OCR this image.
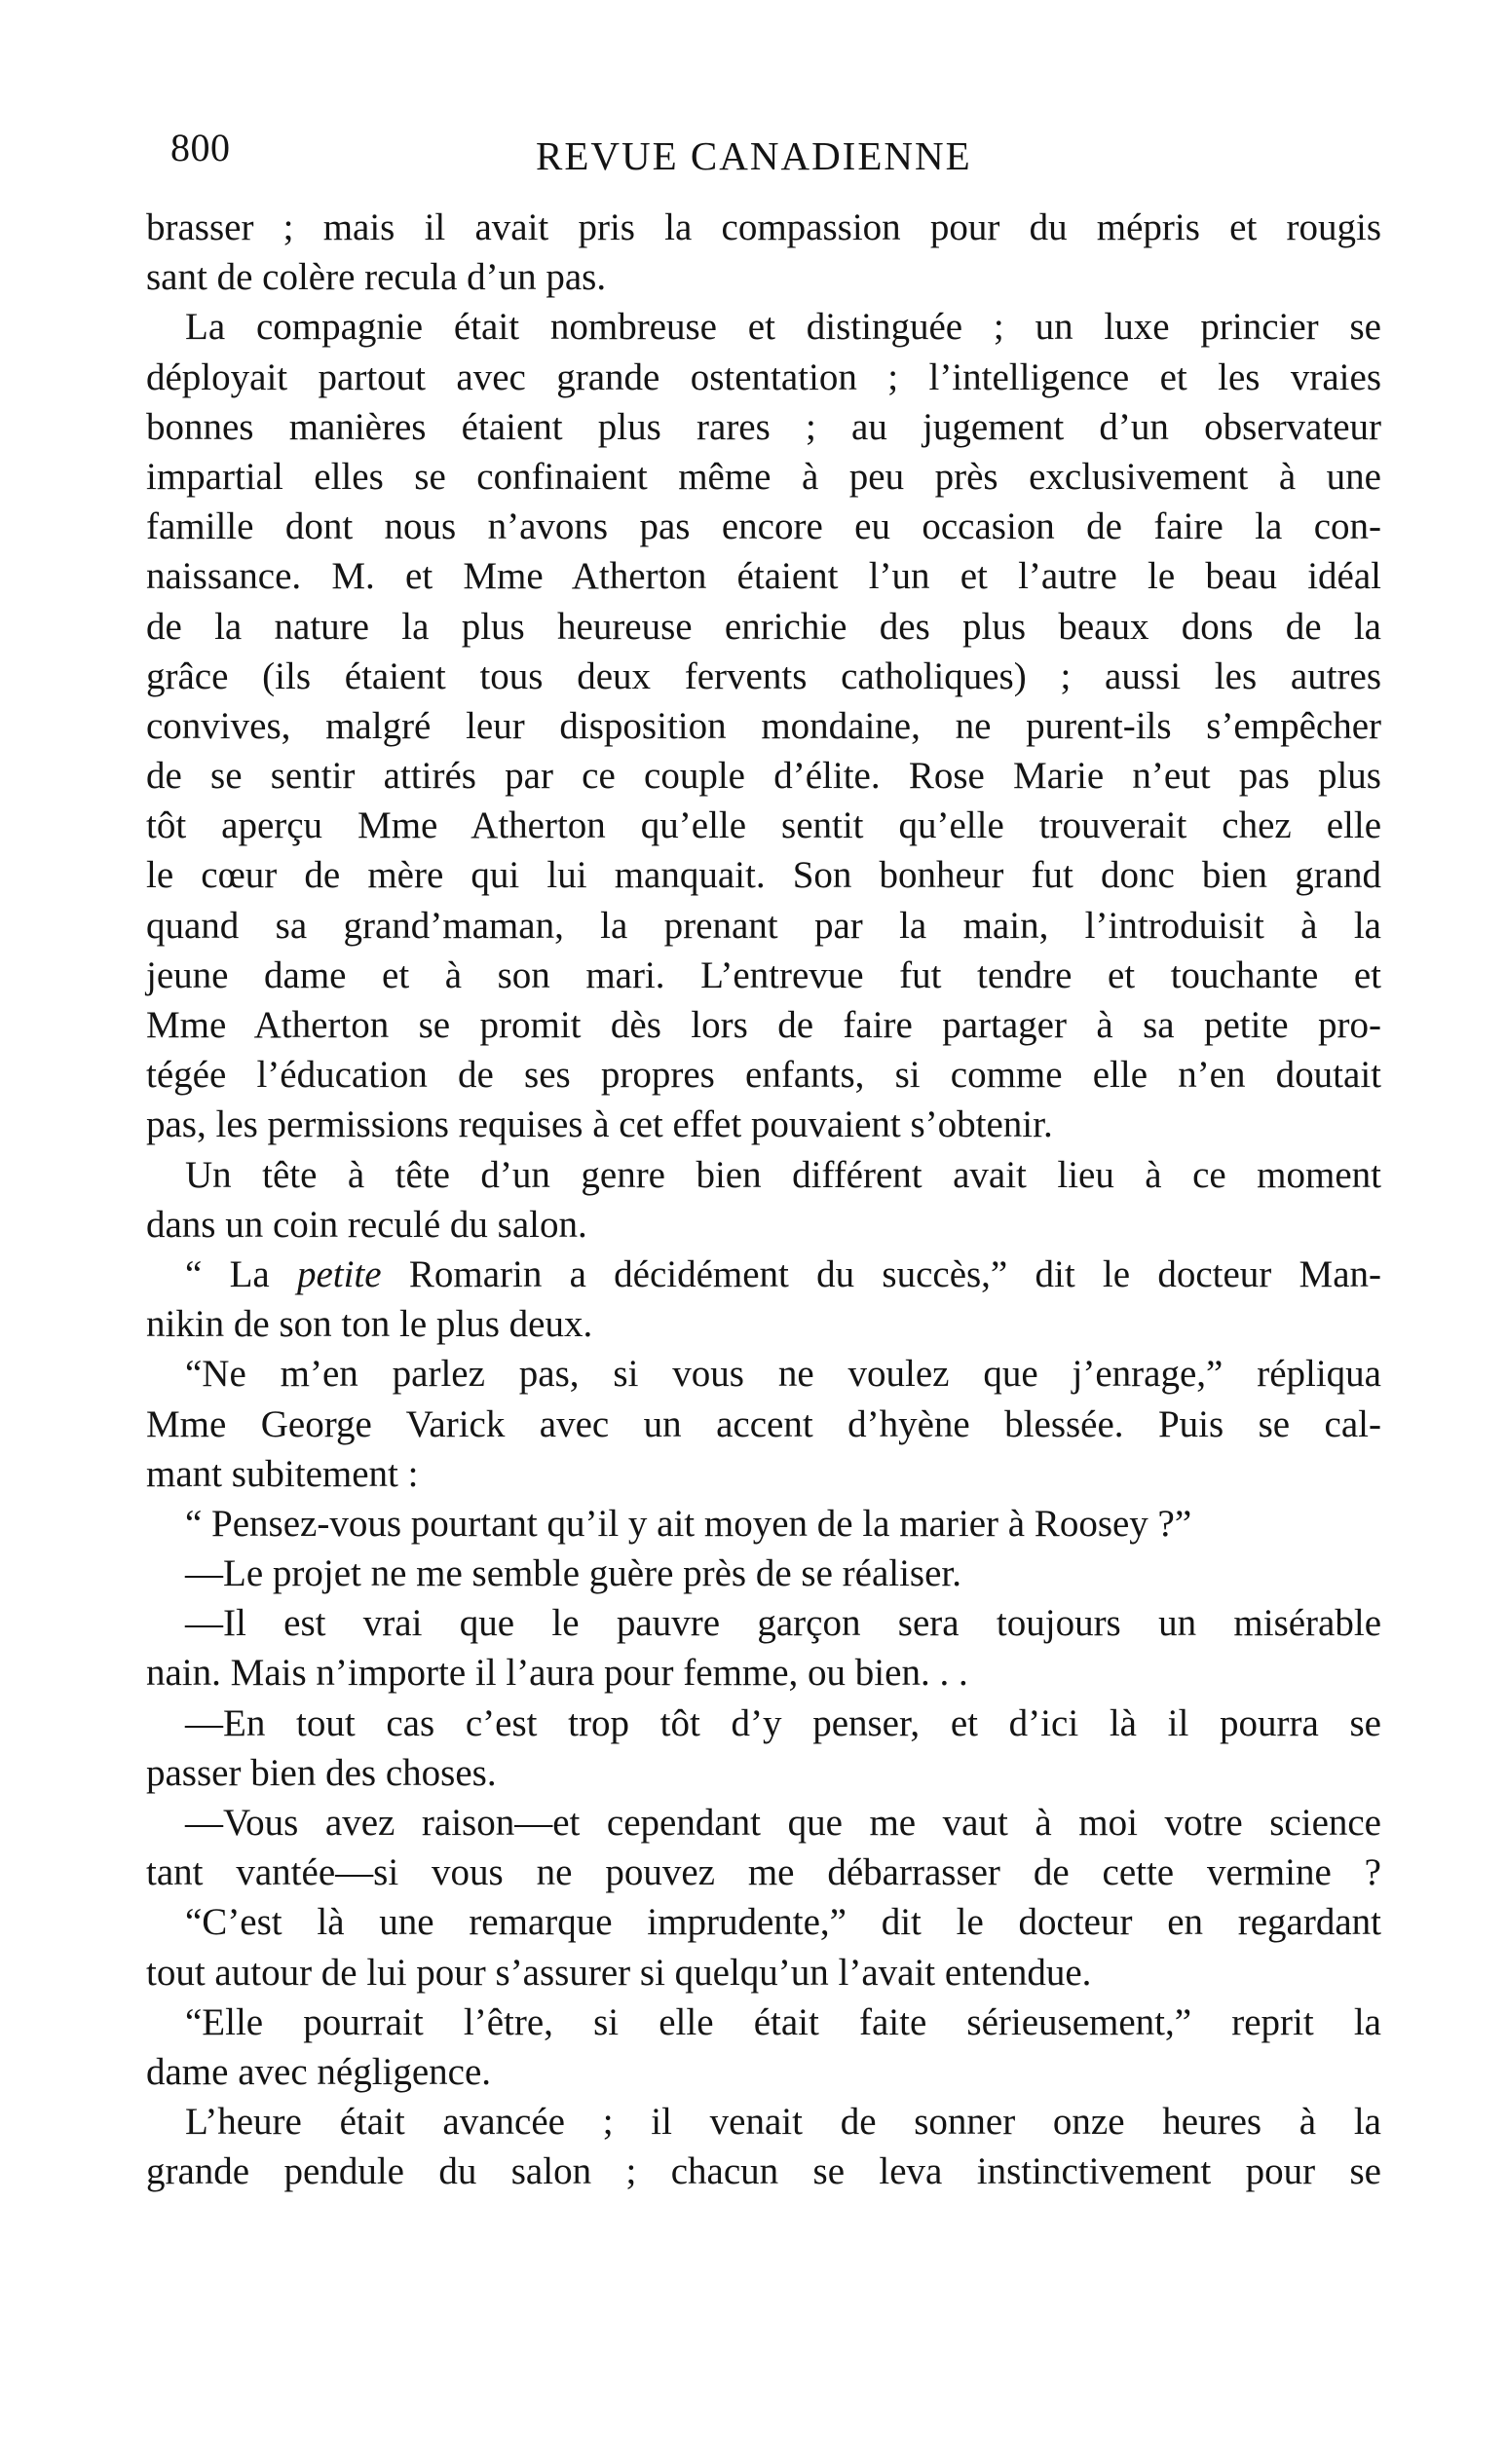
800	REVUE CANADIENNE
brasser ; mais il avait pris la compassion pour du mépris et rougis
sant de colère recula d’un pas.
La compagnie était nombreuse et distinguée ; un luxe princier se
déployait partout avec grande ostentation ; l’intelligence et les vraies
bonnes manières étaient plus rares ; au jugement d’un observateur
impartial elles se confinaient même à peu près exclusivement à une
famille dont nous n’avons pas encore eu occasion de faire la con-
naissance. M. et Mme Atherton étaient l’un et l’autre le beau idéal
de la nature la plus heureuse enrichie des plus beaux dons de la
grâce (ils étaient tous deux fervents catholiques) ; aussi les autres
convives, malgré leur disposition mondaine, ne purent-ils s’empêcher
de se sentir attirés par ce couple d’élite. Rose Marie n’eut pas plus
tôt aperçu Mme Atherton qu’elle sentit qu’elle trouverait chez elle
le cœur de mère qui lui manquait. Son bonheur fut donc bien grand
quand sa grand’maman, la prenant par la main, l’introduisit à la
jeune dame et à son mari. L’entrevue fut tendre et touchante et
Mme Atherton se promit dès lors de faire partager à sa petite pro-
tégée l’éducation de ses propres enfants, si comme elle n’en doutait
pas, les permissions requises à cet effet pouvaient s’obtenir.
Un tête à tête d’un genre bien différent avait lieu à ce moment
dans un coin reculé du salon.
“ La petite Romarin a décidément du succès,” dit le docteur Man-
nikin de son ton le plus deux.
“Ne m’en parlez pas, si vous ne voulez que j’enrage,” répliqua
Mme George Varick avec un accent d’hyène blessée. Puis se cal-
mant subitement :
“ Pensez-vous pourtant qu’il y ait moyen de la marier à Roosey ?”
—Le projet ne me semble guère près de se réaliser.
—Il est vrai que le pauvre garçon sera toujours un misérable
nain. Mais n’importe il l’aura pour femme, ou bien. . .
—En tout cas c’est trop tôt d’y penser, et d’ici là il pourra se
passer bien des choses.
—Vous avez raison—et cependant que me vaut à moi votre science
tant vantée—si vous ne pouvez me débarrasser de cette vermine ?
“C’est là une remarque imprudente,” dit le docteur en regardant
tout autour de lui pour s’assurer si quelqu’un l’avait entendue.
“Elle pourrait l’être, si elle était faite sérieusement,” reprit la
dame avec négligence.
L’heure était avancée ; il venait de sonner onze heures à la
grande pendule du salon ; chacun se leva instinctivement pour se
